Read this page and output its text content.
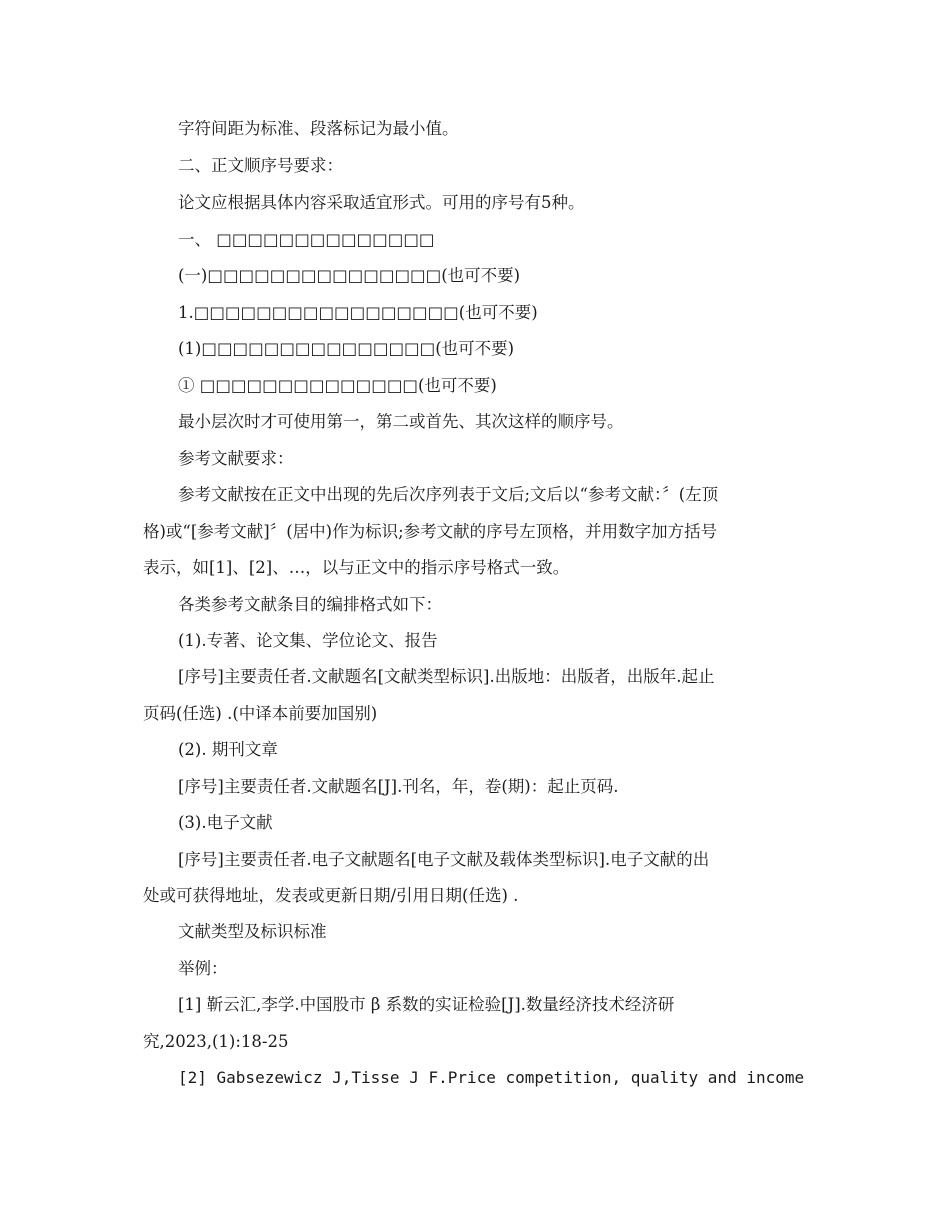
字符间距为标准、段落标记为最小值。
二、正文顺序号要求：
论文应根据具体内容采取适宜形式。可用的序号有5种。
一、 □□□□□□□□□□□□□□
(一)□□□□□□□□□□□□□□□(也可不要)
1.□□□□□□□□□□□□□□□□□(也可不要)
(1)□□□□□□□□□□□□□□□(也可不要)
① □□□□□□□□□□□□□□(也可不要)
最小层次时才可使用第一，第二或首先、其次这样的顺序号。
参考文献要求：
参考文献按在正文中出现的先后次序列表于文后;文后以“参考文献：〞(左顶
格)或“[参考文献]〞(居中)作为标识;参考文献的序号左顶格，并用数字加方括号
表示，如[1]、[2]、…，以与正文中的指示序号格式一致。
各类参考文献条目的编排格式如下：
(1).专著、论文集、学位论文、报告
[序号]主要责任者.文献题名[文献类型标识].出版地：出版者，出版年.起止
页码(任选) .(中译本前要加国别)
(2). 期刊文章
[序号]主要责任者.文献题名[J].刊名，年，卷(期)：起止页码.
(3).电子文献
[序号]主要责任者.电子文献题名[电子文献及载体类型标识].电子文献的出
处或可获得地址，发表或更新日期/引用日期(任选) .
文献类型及标识标准
举例：
[1] 靳云汇,李学.中国股市 β 系数的实证检验[J].数量经济技术经济研
究,2023,(1):18-25
[2] Gabsezewicz J,Tisse J F.Price competition, quality and income
